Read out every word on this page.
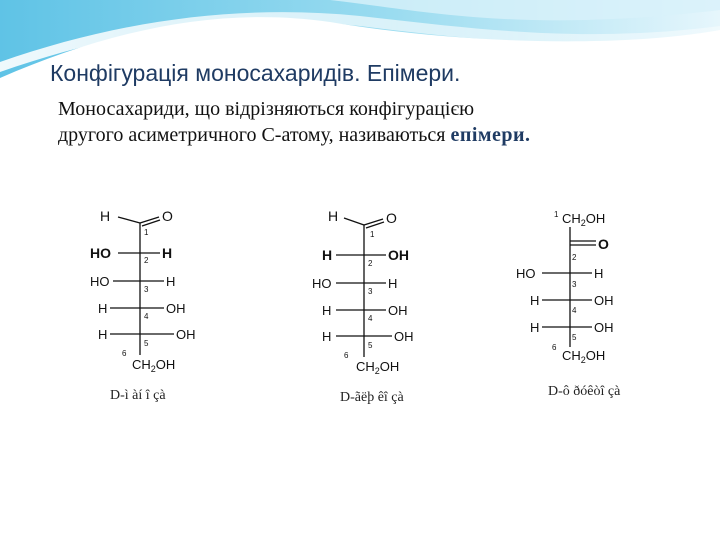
Конфігурація моносахаридів. Епімери.
Моносахариди, що відрізняються конфігурацією
другого асиметричного С-атому, називаються епімери.
H	O
1
HO	H
2
HO	H
3
H	OH
4
H	OH
5
6
$CH_2OH$
D-ì àí î çà
H	O
1
H	OH
2
HO	H
3
H	OH
4
H	OH
5
6
$CH_2OH$
D-ãëþ êî çà
1 $CH_2OH$
O
2
HO	H
3
H	OH
4
H	OH
5
6
$CH_2OH$
D-ô ðóêòî çà
